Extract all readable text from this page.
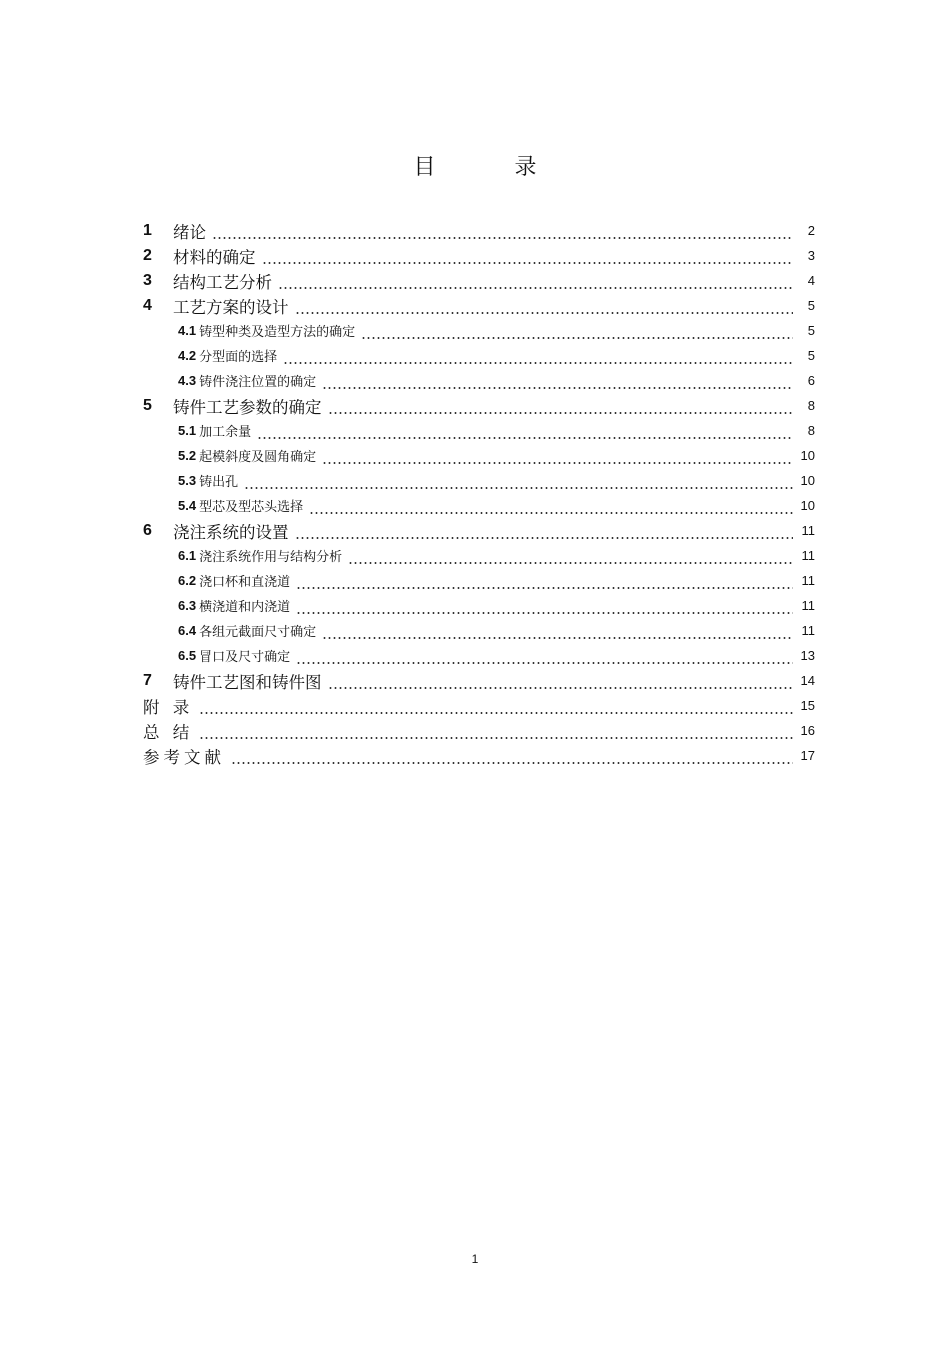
目 录
1	绪论	2
2	材料的确定	3
3	结构工艺分析	4
4	工艺方案的设计	5
4.1 铸型种类及造型方法的确定	5
4.2 分型面的选择	5
4.3 铸件浇注位置的确定	6
5	铸件工艺参数的确定	8
5.1 加工余量	8
5.2 起模斜度及圆角确定	10
5.3 铸出孔	10
5.4 型芯及型芯头选择	10
6	浇注系统的设置	11
6.1 浇注系统作用与结构分析	11
6.2 浇口杯和直浇道	11
6.3 横浇道和内浇道	11
6.4 各组元截面尺寸确定	11
6.5 冒口及尺寸确定	13
7	铸件工艺图和铸件图	14
附 录	15
总 结	16
参考文献	17
1
